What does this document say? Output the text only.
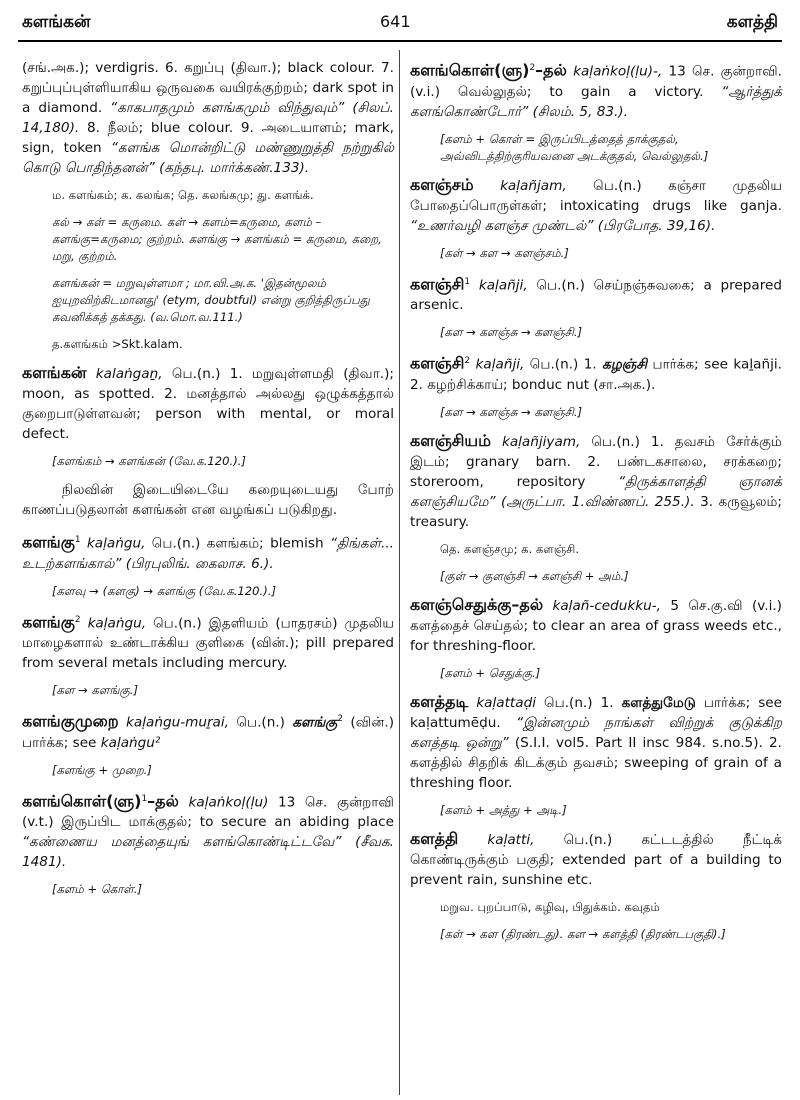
களங்கன்	641	களத்தி

(சங்.அக.); verdigris. 6. கறுப்பு (திவா.); black colour. 7. கறுப்புப்புள்ளியாகிய ஒருவகை வயிரக்குற்றம்; dark spot in a diamond. “காகபாதமும் களங்கமும் விந்துவும்” (சிலப். 14,180). 8. நீலம்; blue colour. 9. அடையாளம்; mark, sign, token “களங்க மொன்றிட்டு மண்ணுறுத்தி நற்றுகில் கொடு பொதிந்தனன்” (கந்தபு. மார்க்கண்.133).

ம. களங்கம்; க. கலங்க; தெ. கலங்கமு; து. களங்க்.
கல் → கள் = கருமை. கள் → களம்=கருமை, களம் – களங்கு=கருமை; குற்றம். களங்கு → களங்கம் = கருமை, கறை, மறு, குற்றம்.
களங்கன் = மறுவுள்ளமா ; மா.வி.அ.க. 'இதன்மூலம் ஐயுறவிற்கிடமானது' (etym, doubtful) என்று குறித்திருப்பது கவனிக்கத் தக்கது. (வ.மொ.வ.111.)
த.களங்கம் >Skt.kalam.

களங்கன் kalaṅgaṉ, பெ.(n.) 1. மறுவுள்ளமதி (திவா.); moon, as spotted. 2. மனத்தால் அல்லது ஒழுக்கத்தால் குறைபாடுள்ளவன்; person with mental, or moral defect.

[களங்கம் → களங்கன் (வே.க.120.).]

நிலவின் இடையிடையே கறையுடையது போற் காணப்படுதலான் களங்கன் என வழங்கப் படுகிறது.

களங்கு$^1$ kaḷaṅgu, பெ.(n.) களங்கம்; blemish “திங்கள்... உடற்களங்கால்” (பிரபுலிங். கைலாச. 6.).

[களவு → (களகு) → களங்கு (வே.க.120.).]

களங்கு$^2$ kaḷaṅgu, பெ.(n.) இதளியம் (பாதரசம்) முதலிய மாழைகளால் உண்டாக்கிய குளிகை (வின்.); pill prepared from several metals including mercury.

[கள → களங்கு.]

களங்குமுறை kaḷaṅgu-muṟai, பெ.(n.) களங்கு$^2$ (வின்.) பார்க்க; see kaḷaṅgu²

[களங்கு + முறை.]

களங்கொள்(ளு)$^1$–தல் kaḷaṅkoḷ(ḷu) 13 செ. குன்றாவி (v.t.) இருப்பிட மாக்குதல்; to secure an abiding place “கண்ணைய மனத்தையுங் களங்கொண்டிட்டவே” (சீவக. 1481).

[களம் + கொள்.]

களங்கொள்(ளு)$^2$–தல் kaḷaṅkoḷ(ḷu)-, 13 செ. குன்றாவி. (v.i.) வெல்லுதல்; to gain a victory. “ஆர்த்துக் களங்கொண்டோர்” (சிலம். 5, 83.).

[களம் + கொள் = இருப்பிடத்தைத் தாக்குதல், அவ்விடத்திற்குரியவனை அடக்குதல், வெல்லுதல்.]

களஞ்சம் kaḷañjam, பெ.(n.) கஞ்சா முதலிய போதைப்பொருள்கள்; intoxicating drugs like ganja. “உணர்வழி களஞ்ச முண்டல்” (பிரபோத. 39,16).

[கள் → கள → களஞ்சம்.]

களஞ்சி$^1$ kaḷañji, பெ.(n.) செய்நஞ்சுவகை; a prepared arsenic.

[கள → களஞ்சு → களஞ்சி.]

களஞ்சி$^2$ kaḷañji, பெ.(n.) 1. கழஞ்சி பார்க்க; see kaḻañji. 2. கழற்சிக்காய்; bonduc nut (சா.அக.).

[கள → களஞ்சு → களஞ்சி.]

களஞ்சியம் kaḷañjiyam, பெ.(n.) 1. தவசம் சேர்க்கும் இடம்; granary barn. 2. பண்டகசாலை, சரக்கறை; storeroom, repository “திருக்காளத்தி ஞானக் களஞ்சியமே” (அருட்பா. 1.விண்ணப். 255.). 3. கருவூலம்; treasury.

தெ. களஞ்சமு; க. களஞ்சி.
[குள் → குளஞ்சி → களஞ்சி + அம்.]

களஞ்செதுக்கு–தல் kaḷañ-cedukku-, 5 செ.கு.வி (v.i.) களத்தைச் செய்தல்; to clear an area of grass weeds etc., for threshing-floor.

[களம் + செதுக்கு.]

களத்தடி kaḷattaḍi பெ.(n.) 1. களத்துமேடு பார்க்க; see kaḷattumēḍu. “இன்னமும் நாங்கள் விற்றுக் குடுக்கிற களத்தடி ஒன்று” (S.I.I. vol5. Part II insc 984. s.no.5). 2. களத்தில் சிதறிக் கிடக்கும் தவசம்; sweeping of grain of a threshing floor.

[களம் + அத்து + அடி.]

களத்தி kaḷatti, பெ.(n.) கட்டடத்தில் நீட்டிக் கொண்டிருக்கும் பகுதி; extended part of a building to prevent rain, sunshine etc.

மறுவ. புறப்பாடு, கழிவு, பிதுக்கம். கவுதம்
[கள் → கள (திரண்டது). கள → களத்தி (திரண்டபகுதி).]
